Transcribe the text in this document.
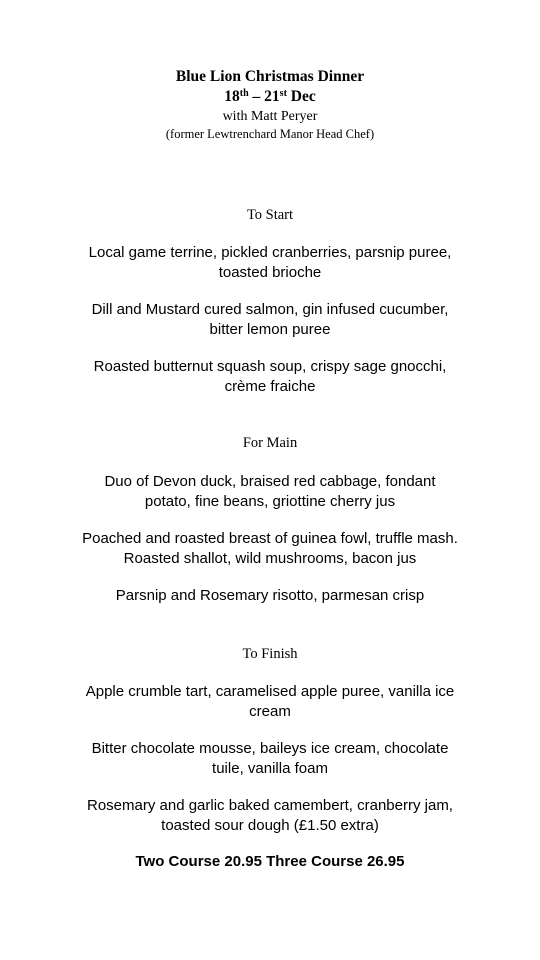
Blue Lion Christmas Dinner
18th – 21st Dec
with Matt Peryer
(former Lewtrenchard Manor Head Chef)
To Start
Local game terrine, pickled cranberries, parsnip puree,
toasted brioche
Dill and Mustard cured salmon, gin infused cucumber,
bitter lemon puree
Roasted butternut squash soup, crispy sage gnocchi,
crème fraiche
For Main
Duo of Devon duck, braised red cabbage, fondant
potato, fine beans, griottine cherry jus
Poached and roasted breast of guinea fowl, truffle mash.
Roasted shallot, wild mushrooms, bacon jus
Parsnip and Rosemary risotto, parmesan crisp
To Finish
Apple crumble tart, caramelised apple puree, vanilla ice
cream
Bitter chocolate mousse, baileys ice cream, chocolate
tuile, vanilla foam
Rosemary and garlic baked camembert, cranberry jam,
toasted sour dough (£1.50 extra)
Two Course 20.95 Three Course 26.95
